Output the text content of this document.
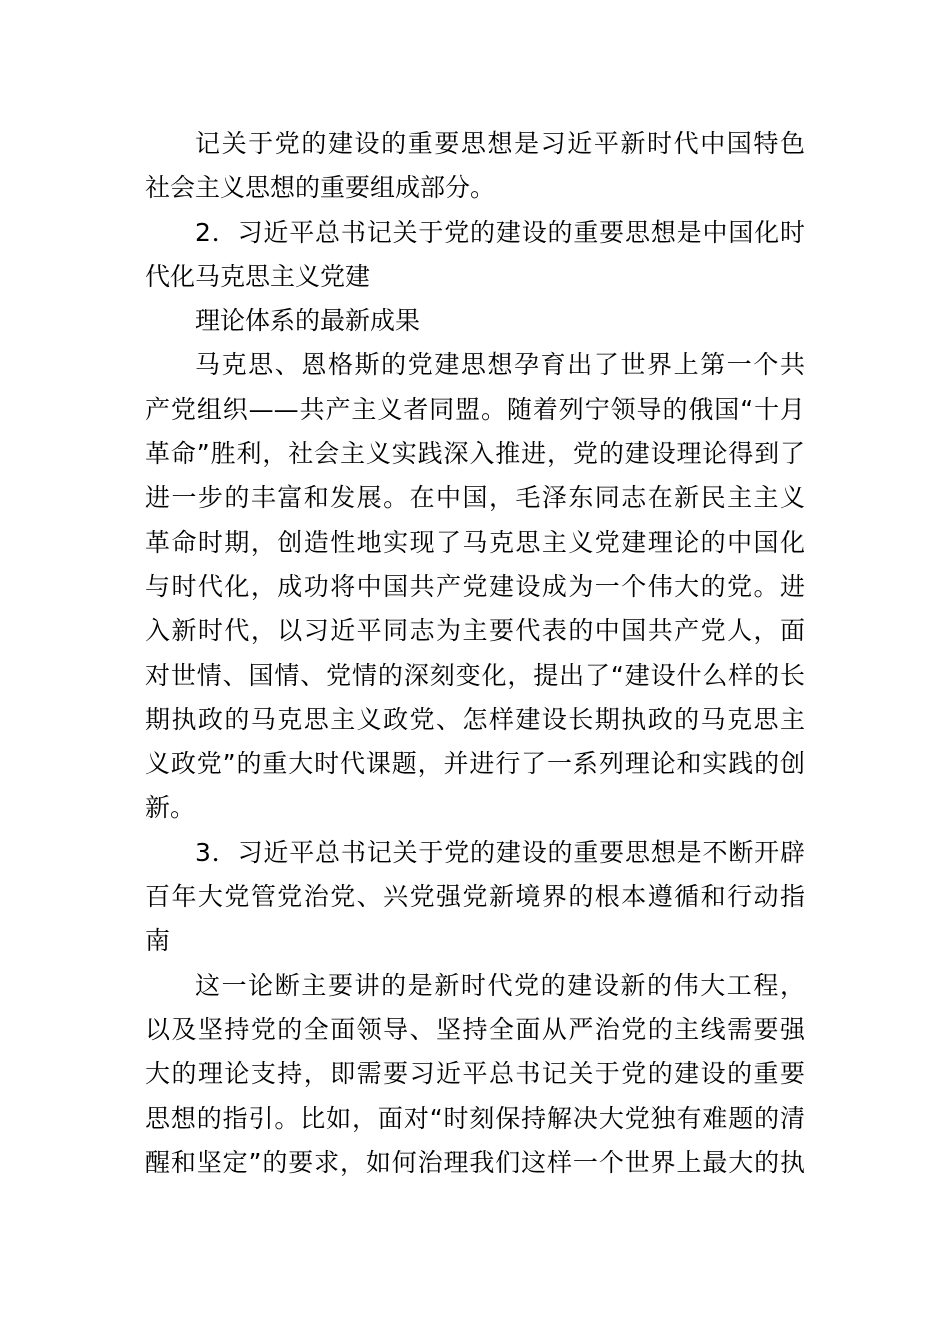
记关于党的建设的重要思想是习近平新时代中国特色
社会主义思想的重要组成部分。
2．习近平总书记关于党的建设的重要思想是中国化时
代化马克思主义党建
理论体系的最新成果
马克思、恩格斯的党建思想孕育出了世界上第一个共
产党组织——共产主义者同盟。随着列宁领导的俄国“十月
革命”胜利，社会主义实践深入推进，党的建设理论得到了
进一步的丰富和发展。在中国，毛泽东同志在新民主主义
革命时期，创造性地实现了马克思主义党建理论的中国化
与时代化，成功将中国共产党建设成为一个伟大的党。进
入新时代，以习近平同志为主要代表的中国共产党人，面
对世情、国情、党情的深刻变化，提出了“建设什么样的长
期执政的马克思主义政党、怎样建设长期执政的马克思主
义政党”的重大时代课题，并进行了一系列理论和实践的创
新。
3．习近平总书记关于党的建设的重要思想是不断开辟
百年大党管党治党、兴党强党新境界的根本遵循和行动指
南
这一论断主要讲的是新时代党的建设新的伟大工程，
以及坚持党的全面领导、坚持全面从严治党的主线需要强
大的理论支持，即需要习近平总书记关于党的建设的重要
思想的指引。比如，面对“时刻保持解决大党独有难题的清
醒和坚定”的要求，如何治理我们这样一个世界上最大的执
